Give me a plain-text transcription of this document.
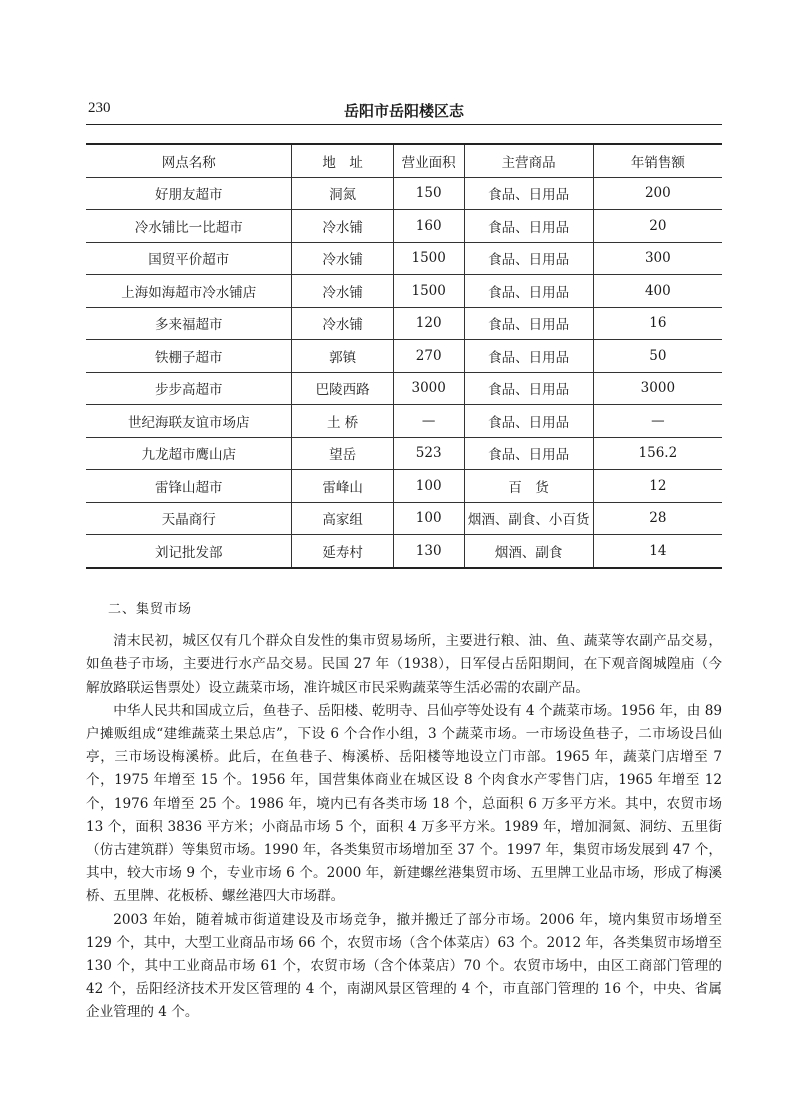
230	岳阳市岳阳楼区志
网点名称	地　址	营业面积	主营商品	年销售额
好朋友超市	洞氮	150	食品、日用品	200
冷水铺比一比超市	冷水铺	160	食品、日用品	20
国贸平价超市	冷水铺	1500	食品、日用品	300
上海如海超市冷水铺店	冷水铺	1500	食品、日用品	400
多来福超市	冷水铺	120	食品、日用品	16
铁棚子超市	郭镇	270	食品、日用品	50
步步高超市	巴陵西路	3000	食品、日用品	3000
世纪海联友谊市场店	土 桥	—	食品、日用品	—
九龙超市鹰山店	望岳	523	食品、日用品	156.2
雷锋山超市	雷峰山	100	百　货	12
天晶商行	高家组	100	烟酒、副食、小百货	28
刘记批发部	延寿村	130	烟酒、副食	14

二、集贸市场

清末民初，城区仅有几个群众自发性的集市贸易场所，主要进行粮、油、鱼、蔬菜等农副产品交易，如鱼巷子市场，主要进行水产品交易。民国 27 年（1938），日军侵占岳阳期间，在下观音阁城隍庙（今解放路联运售票处）设立蔬菜市场，准许城区市民采购蔬菜等生活必需的农副产品。

中华人民共和国成立后，鱼巷子、岳阳楼、乾明寺、吕仙亭等处设有 4 个蔬菜市场。1956 年，由 89 户摊贩组成“建维蔬菜土果总店”，下设 6 个合作小组，3 个蔬菜市场。一市场设鱼巷子，二市场设吕仙亭，三市场设梅溪桥。此后，在鱼巷子、梅溪桥、岳阳楼等地设立门市部。1965 年，蔬菜门店增至 7 个，1975 年增至 15 个。1956 年，国营集体商业在城区设 8 个肉食水产零售门店，1965 年增至 12 个，1976 年增至 25 个。1986 年，境内已有各类市场 18 个，总面积 6 万多平方米。其中，农贸市场 13 个，面积 3836 平方米；小商品市场 5 个，面积 4 万多平方米。1989 年，增加洞氮、洞纺、五里街（仿古建筑群）等集贸市场。1990 年，各类集贸市场增加至 37 个。1997 年，集贸市场发展到 47 个，其中，较大市场 9 个，专业市场 6 个。2000 年，新建螺丝港集贸市场、五里牌工业品市场，形成了梅溪桥、五里牌、花板桥、螺丝港四大市场群。

2003 年始，随着城市街道建设及市场竞争，撤并搬迁了部分市场。2006 年，境内集贸市场增至 129 个，其中，大型工业商品市场 66 个，农贸市场（含个体菜店）63 个。2012 年，各类集贸市场增至 130 个，其中工业商品市场 61 个，农贸市场（含个体菜店）70 个。农贸市场中，由区工商部门管理的 42 个，岳阳经济技术开发区管理的 4 个，南湖风景区管理的 4 个，市直部门管理的 16 个，中央、省属企业管理的 4 个。
